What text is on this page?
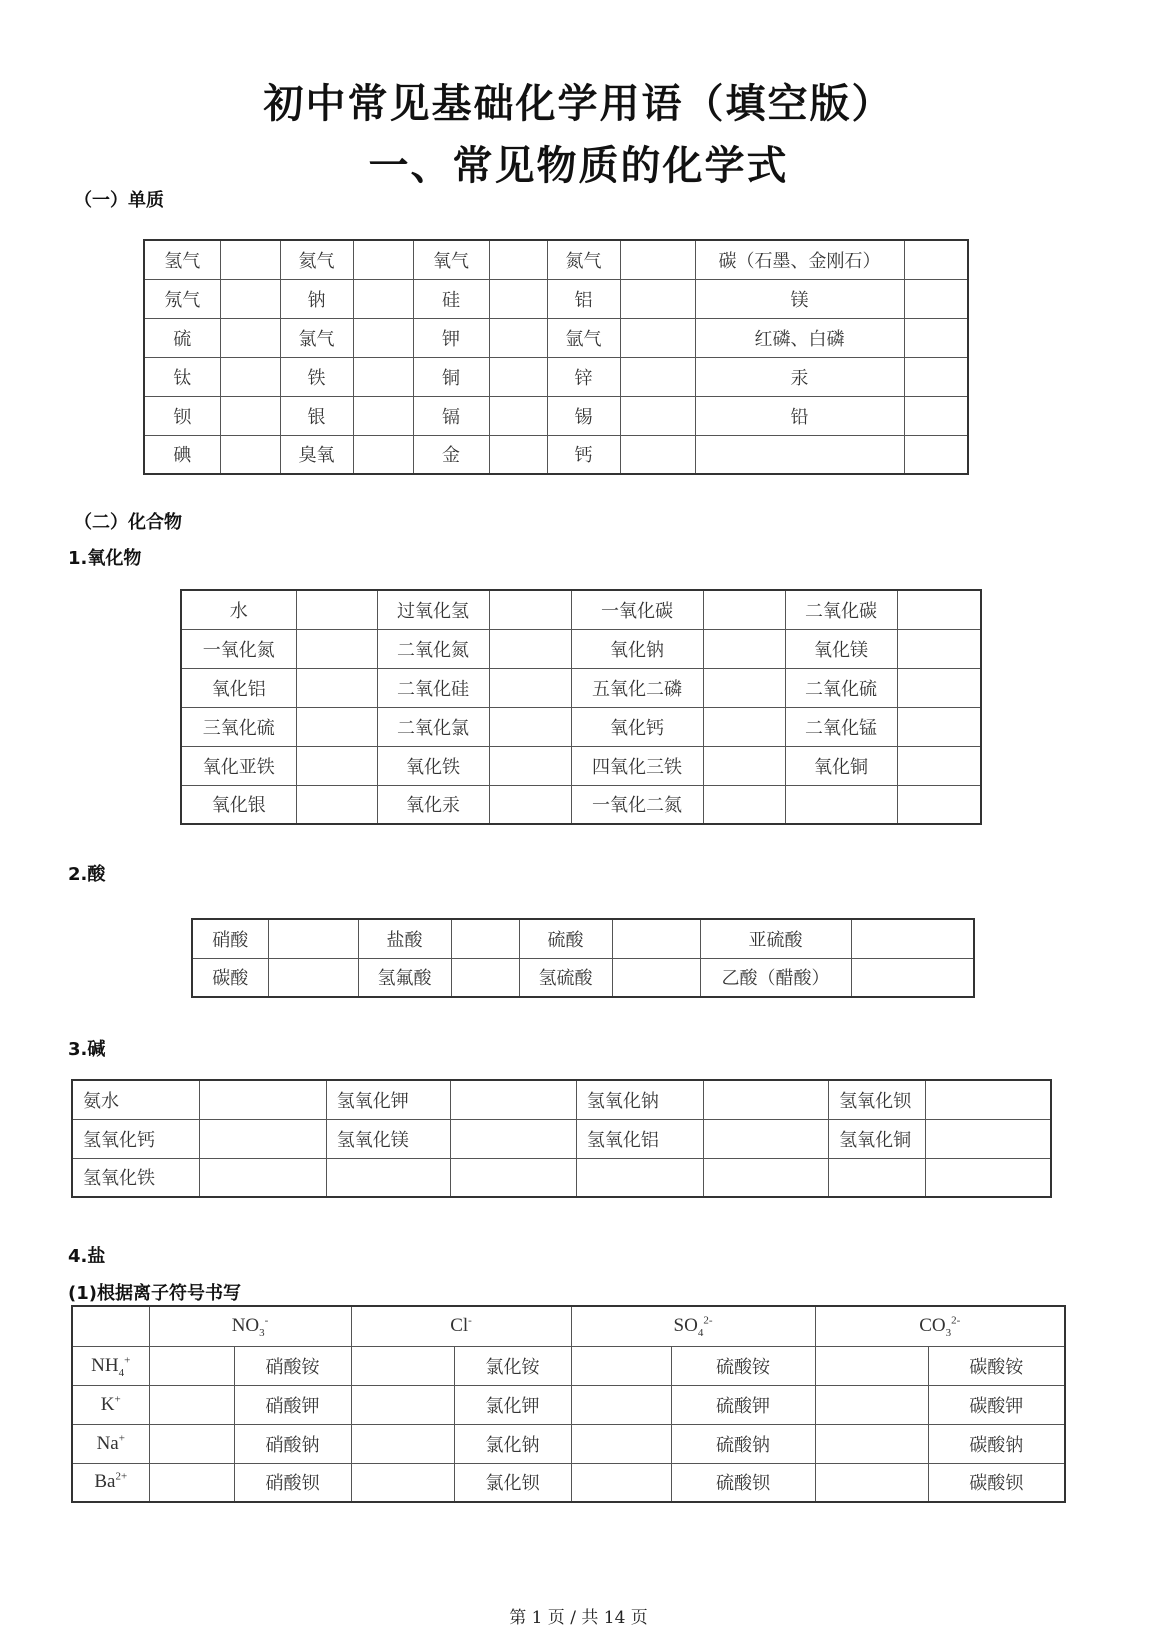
初中常见基础化学用语（填空版）
一、常见物质的化学式

（一）单质

氢气		氦气		氧气		氮气		碳（石墨、金刚石）	
氖气		钠		硅		铝		镁	
硫		氯气		钾		氩气		红磷、白磷	
钛		铁		铜		锌		汞	
钡		银		镉		锡		铅	
碘		臭氧		金		钙			

（二）化合物

1.氧化物

水		过氧化氢		一氧化碳		二氧化碳	
一氧化氮		二氧化氮		氧化钠		氧化镁	
氧化铝		二氧化硅		五氧化二磷		二氧化硫	
三氧化硫		二氧化氯		氧化钙		二氧化锰	
氧化亚铁		氧化铁		四氧化三铁		氧化铜	
氧化银		氧化汞		一氧化二氮			

2.酸

硝酸		盐酸		硫酸		亚硫酸	
碳酸		氢氟酸		氢硫酸		乙酸（醋酸）	

3.碱

氨水		氢氧化钾		氢氧化钠		氢氧化钡	
氢氧化钙		氢氧化镁		氢氧化铝		氢氧化铜	
氢氧化铁							

4.盐

(1)根据离子符号书写

	$NO_3^-$		Cl-		$SO_4^{2-}$		$CO_3^{2-}$
$NH_4^+$		硝酸铵		氯化铵		硫酸铵		碳酸铵
K+		硝酸钾		氯化钾		硫酸钾		碳酸钾
Na+		硝酸钠		氯化钠		硫酸钠		碳酸钠
$Ba^{2+}$		硝酸钡		氯化钡		硫酸钡		碳酸钡

第 1 页 / 共 14 页
